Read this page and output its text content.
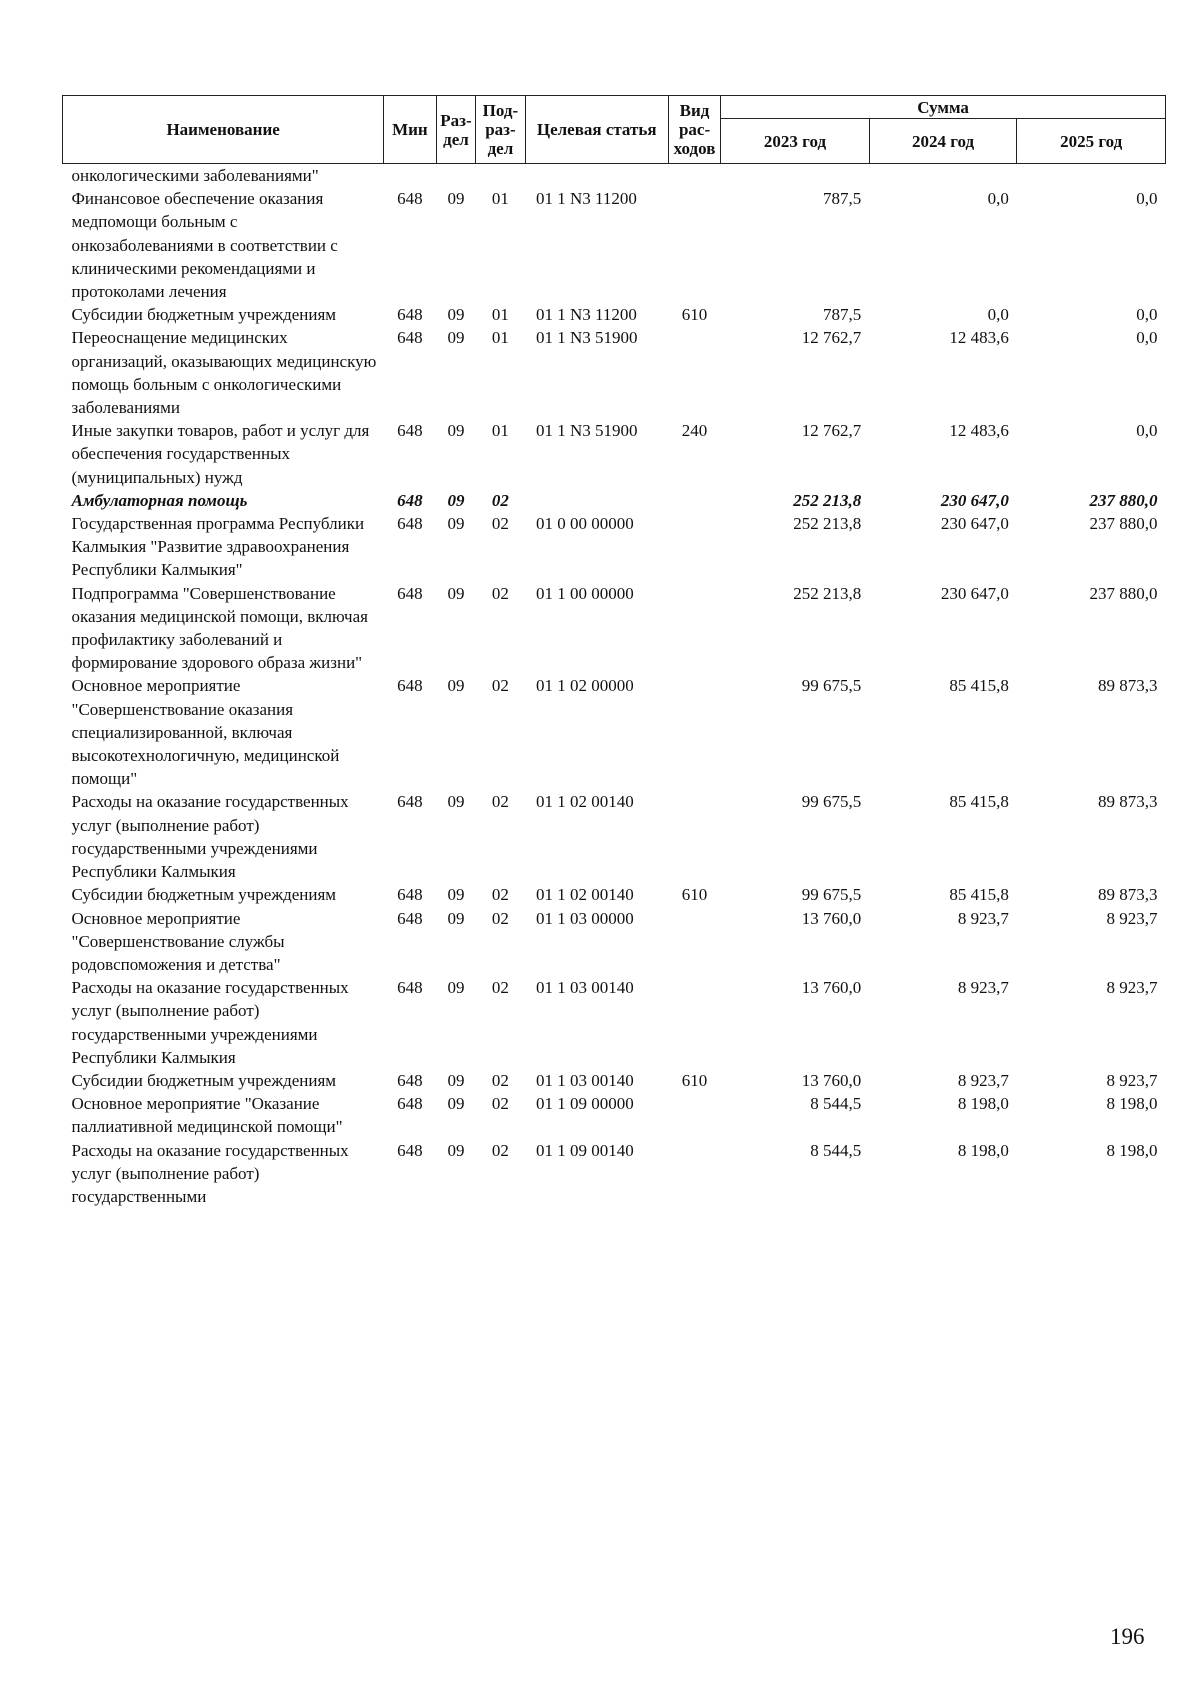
Наименование	Мин	Раз-дел	Под-раз-дел	Целевая статья	Вид рас-ходов	Сумма		
						2023 год	2024 год	2025 год
онкологическими заболеваниями"								
Финансовое обеспечение оказания медпомощи больным с онкозаболеваниями в соответствии с клиническими рекомендациями и протоколами лечения	648	09	01	01 1 N3 11200		787,5	0,0	0,0
Субсидии бюджетным учреждениям	648	09	01	01 1 N3 11200	610	787,5	0,0	0,0
Переоснащение медицинских организаций, оказывающих медицинскую помощь больным с онкологическими заболеваниями	648	09	01	01 1 N3 51900		12 762,7	12 483,6	0,0
Иные закупки товаров, работ и услуг для обеспечения государственных (муниципальных) нужд	648	09	01	01 1 N3 51900	240	12 762,7	12 483,6	0,0
Амбулаторная помощь	648	09	02			252 213,8	230 647,0	237 880,0
Государственная программа Республики Калмыкия "Развитие здравоохранения Республики Калмыкия"	648	09	02	01 0 00 00000		252 213,8	230 647,0	237 880,0
Подпрограмма "Совершенствование оказания медицинской помощи, включая профилактику заболеваний и формирование здорового образа жизни"	648	09	02	01 1 00 00000		252 213,8	230 647,0	237 880,0
Основное мероприятие "Совершенствование оказания специализированной, включая высокотехнологичную, медицинской помощи"	648	09	02	01 1 02 00000		99 675,5	85 415,8	89 873,3
Расходы на оказание государственных услуг (выполнение работ) государственными учреждениями Республики Калмыкия	648	09	02	01 1 02 00140		99 675,5	85 415,8	89 873,3
Субсидии бюджетным учреждениям	648	09	02	01 1 02 00140	610	99 675,5	85 415,8	89 873,3
Основное мероприятие "Совершенствование службы родовспоможения и детства"	648	09	02	01 1 03 00000		13 760,0	8 923,7	8 923,7
Расходы на оказание государственных услуг (выполнение работ) государственными учреждениями Республики Калмыкия	648	09	02	01 1 03 00140		13 760,0	8 923,7	8 923,7
Субсидии бюджетным учреждениям	648	09	02	01 1 03 00140	610	13 760,0	8 923,7	8 923,7
Основное мероприятие "Оказание паллиативной медицинской помощи"	648	09	02	01 1 09 00000		8 544,5	8 198,0	8 198,0
Расходы на оказание государственных услуг (выполнение работ) государственными	648	09	02	01 1 09 00140		8 544,5	8 198,0	8 198,0
196
